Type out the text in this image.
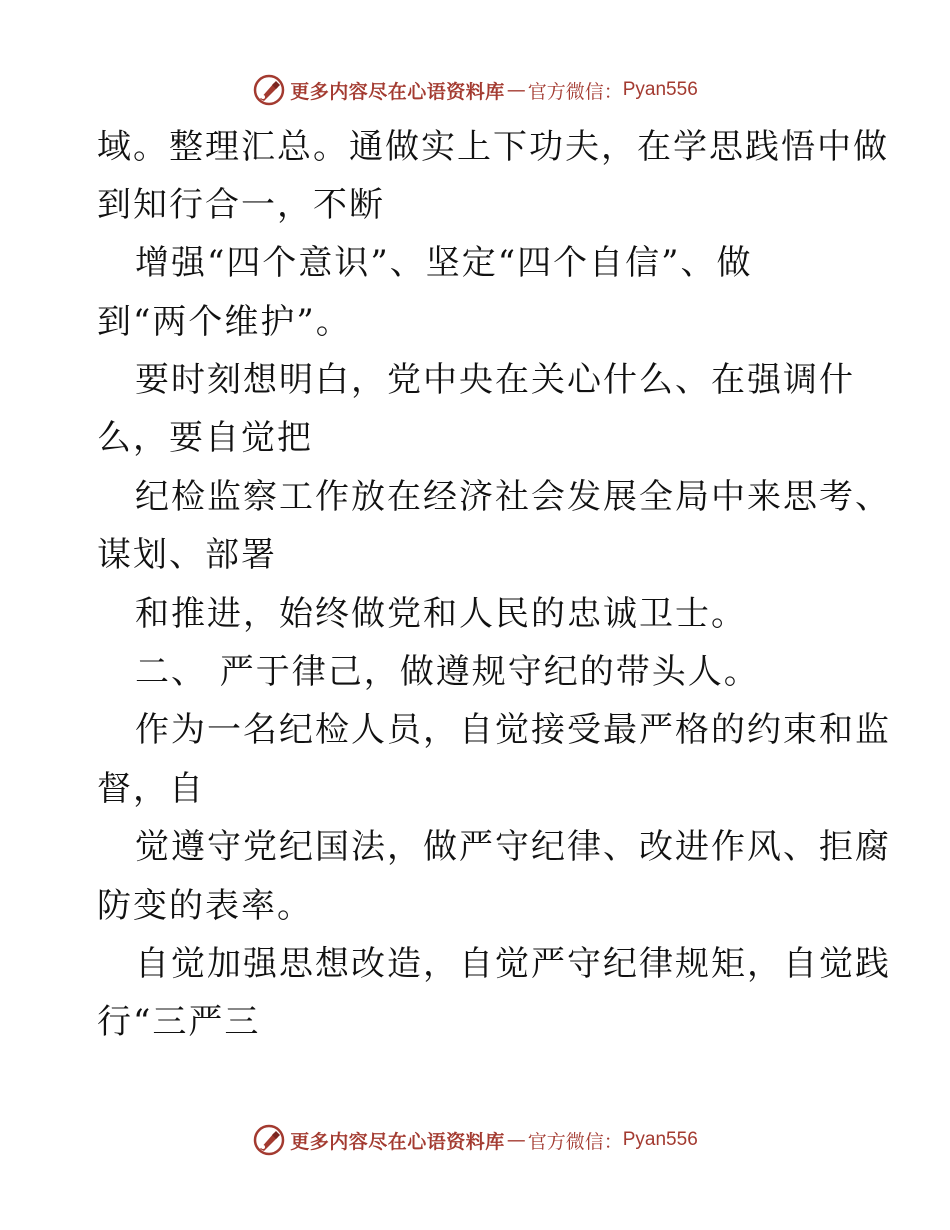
更多内容尽在心语资料库 — 官方微信： Pyan556
域。整理汇总。通做实上下功夫，在学思践悟中做
到知行合一，不断
增强“四个意识”、坚定“四个自信”、做
到“两个维护”。
要时刻想明白，党中央在关心什么、在强调什
么，要自觉把
纪检监察工作放在经济社会发展全局中来思考、
谋划、部署
和推进，始终做党和人民的忠诚卫士。
二、 严于律己，做遵规守纪的带头人。
作为一名纪检人员，自觉接受最严格的约束和监
督，自
觉遵守党纪国法，做严守纪律、改进作风、拒腐
防变的表率。
自觉加强思想改造，自觉严守纪律规矩，自觉践
行“三严三
更多内容尽在心语资料库 — 官方微信： Pyan556
